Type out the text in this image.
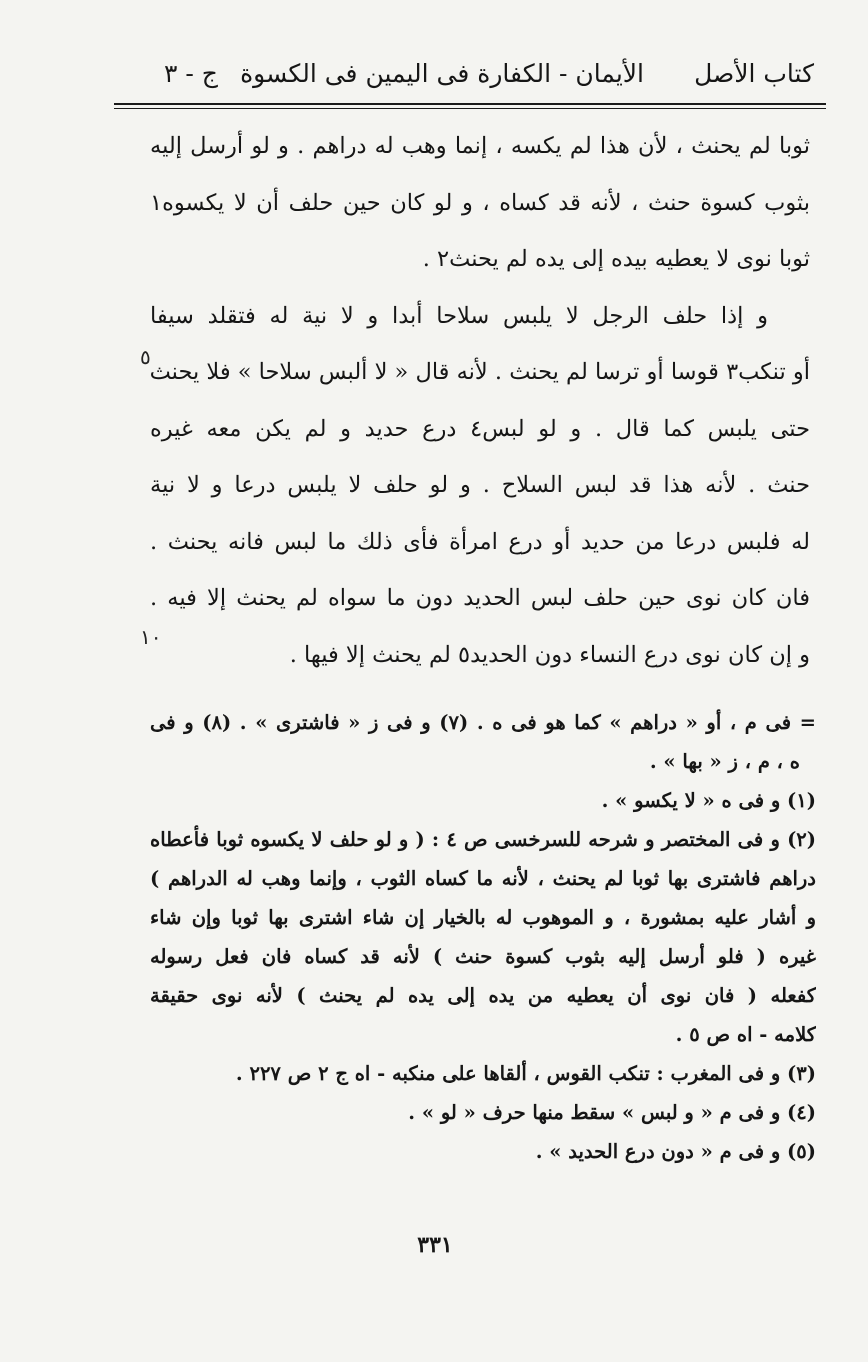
كتاب الأصل
الأيمان - الكفارة فى اليمين فى الكسوة
ج - ٣
ثوبا لم يحنث ، لأن هذا لم يكسه ، إنما وهب له دراهم . و لو أرسل إليه
بثوب كسوة حنث ، لأنه قد كساه ، و لو كان حين حلف أن لا يكسوه١
ثوبا نوى لا يعطيه بيده إلى يده لم يحنث٢ .
و إذا حلف الرجل لا يلبس سلاحا أبدا و لا نية له فتقلد سيفا
أو تنكب٣ قوسا أو ترسا لم يحنث . لأنه قال « لا ألبس سلاحا » فلا يحنث
حتى يلبس كما قال . و لو لبس٤ درع حديد و لم يكن معه غيره
حنث . لأنه هذا قد لبس السلاح . و لو حلف لا يلبس درعا و لا نية
له فلبس درعا من حديد أو درع امرأة فأى ذلك ما لبس فانه يحنث .
فان كان نوى حين حلف لبس الحديد دون ما سواه لم يحنث إلا فيه .
و إن كان نوى درع النساء دون الحديد٥ لم يحنث إلا فيها .
٥
١٠
= فى م ، أو « دراهم » كما هو فى ه . (٧) و فى ز « فاشترى » . (٨) و فى
ه ، م ، ز « بها » .
(١) و فى ه « لا يكسو » .
(٢) و فى المختصر و شرحه للسرخسى ص ٤ : ( و لو حلف لا يكسوه ثوبا فأعطاه
دراهم فاشترى بها ثوبا لم يحنث ، لأنه ما كساه الثوب ، وإنما وهب له الدراهم )
و أشار عليه بمشورة ، و الموهوب له بالخيار إن شاء اشترى بها ثوبا وإن شاء
غيره ( فلو أرسل إليه بثوب كسوة حنث ) لأنه قد كساه فان فعل رسوله
كفعله ( فان نوى أن يعطيه من يده إلى يده لم يحنث ) لأنه نوى حقيقة
كلامه - اه ص ٥ .
(٣) و فى المغرب : تنكب القوس ، ألقاها على منكبه - اه ج ٢ ص ٢٢٧ .
(٤) و فى م « و لبس » سقط منها حرف « لو » .
(٥) و فى م « دون درع الحديد » .
٣٣١
